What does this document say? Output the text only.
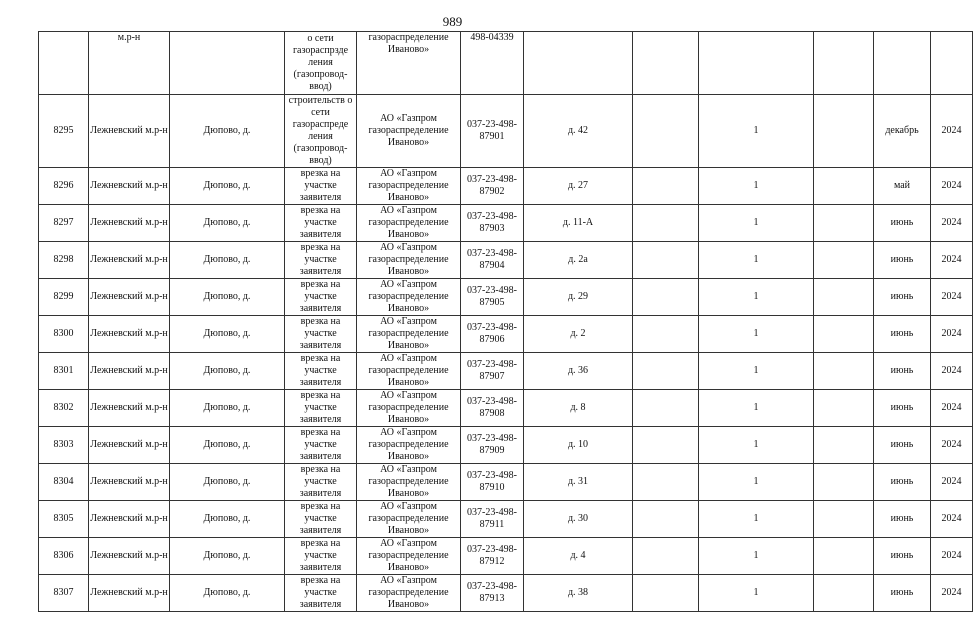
989
	м.р-н		о сети газораспрзде ления (газопровод-ввод)	газораспределение Иваново»	498-04339						
8295	Лежневский м.р-н	Дюпово, д.	строительств о сети газораспреде ления (газопровод-ввод)	АО «Газпром газораспределение Иваново»	037-23-498-87901	д. 42		1		декабрь	2024
8296	Лежневский м.р-н	Дюпово, д.	врезка на участке заявителя	АО «Газпром газораспределение Иваново»	037-23-498-87902	д. 27		1		май	2024
8297	Лежневский м.р-н	Дюпово, д.	врезка на участке заявителя	АО «Газпром газораспределение Иваново»	037-23-498-87903	д. 11-А		1		июнь	2024
8298	Лежневский м.р-н	Дюпово, д.	врезка на участке заявителя	АО «Газпром газораспределение Иваново»	037-23-498-87904	д. 2а		1		июнь	2024
8299	Лежневский м.р-н	Дюпово, д.	врезка на участке заявителя	АО «Газпром газораспределение Иваново»	037-23-498-87905	д. 29		1		июнь	2024
8300	Лежневский м.р-н	Дюпово, д.	врезка на участке заявителя	АО «Газпром газораспределение Иваново»	037-23-498-87906	д. 2		1		июнь	2024
8301	Лежневский м.р-н	Дюпово, д.	врезка на участке заявителя	АО «Газпром газораспределение Иваново»	037-23-498-87907	д. 36		1		июнь	2024
8302	Лежневский м.р-н	Дюпово, д.	врезка на участке заявителя	АО «Газпром газораспределение Иваново»	037-23-498-87908	д. 8		1		июнь	2024
8303	Лежневский м.р-н	Дюпово, д.	врезка на участке заявителя	АО «Газпром газораспределение Иваново»	037-23-498-87909	д. 10		1		июнь	2024
8304	Лежневский м.р-н	Дюпово, д.	врезка на участке заявителя	АО «Газпром газораспределение Иваново»	037-23-498-87910	д. 31		1		июнь	2024
8305	Лежневский м.р-н	Дюпово, д.	врезка на участке заявителя	АО «Газпром газораспределение Иваново»	037-23-498-87911	д. 30		1		июнь	2024
8306	Лежневский м.р-н	Дюпово, д.	врезка на участке заявителя	АО «Газпром газораспределение Иваново»	037-23-498-87912	д. 4		1		июнь	2024
8307	Лежневский м.р-н	Дюпово, д.	врезка на участке заявителя	АО «Газпром газораспределение Иваново»	037-23-498-87913	д. 38		1		июнь	2024
